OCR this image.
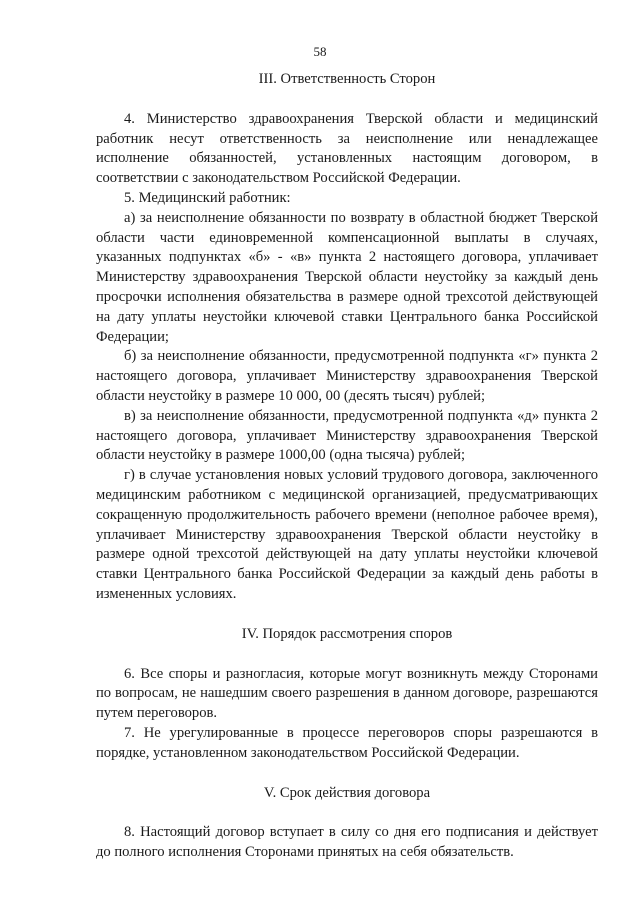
58

III. Ответственность Сторон

4. Министерство здравоохранения Тверской области и медицинский работник несут ответственность за неисполнение или ненадлежащее исполнение обязанностей, установленных настоящим договором, в соответствии с законодательством Российской Федерации.

5. Медицинский работник:

а) за неисполнение обязанности по возврату в областной бюджет Тверской области части единовременной компенсационной выплаты в случаях, указанных подпунктах «б» - «в» пункта 2 настоящего договора, уплачивает Министерству здравоохранения Тверской области неустойку за каждый день просрочки исполнения обязательства в размере одной трехсотой действующей на дату уплаты неустойки ключевой ставки Центрального банка Российской Федерации;

б) за неисполнение обязанности, предусмотренной подпункта «г» пункта 2 настоящего договора, уплачивает Министерству здравоохранения Тверской области неустойку в размере 10 000, 00 (десять тысяч) рублей;

в) за неисполнение обязанности, предусмотренной подпункта «д» пункта 2 настоящего договора, уплачивает Министерству здравоохранения Тверской области неустойку в размере 1000,00 (одна тысяча) рублей;

г) в случае установления новых условий трудового договора, заключенного медицинским работником с медицинской организацией, предусматривающих сокращенную продолжительность рабочего времени (неполное рабочее время), уплачивает Министерству здравоохранения Тверской области неустойку в размере одной трехсотой действующей на дату уплаты неустойки ключевой ставки Центрального банка Российской Федерации за каждый день работы в измененных условиях.

IV. Порядок рассмотрения споров

6. Все споры и разногласия, которые могут возникнуть между Сторонами по вопросам, не нашедшим своего разрешения в данном договоре, разрешаются путем переговоров.

7. Не урегулированные в процессе переговоров споры разрешаются в порядке, установленном законодательством Российской Федерации.

V. Срок действия договора

8. Настоящий договор вступает в силу со дня его подписания и действует до полного исполнения Сторонами принятых на себя обязательств.
